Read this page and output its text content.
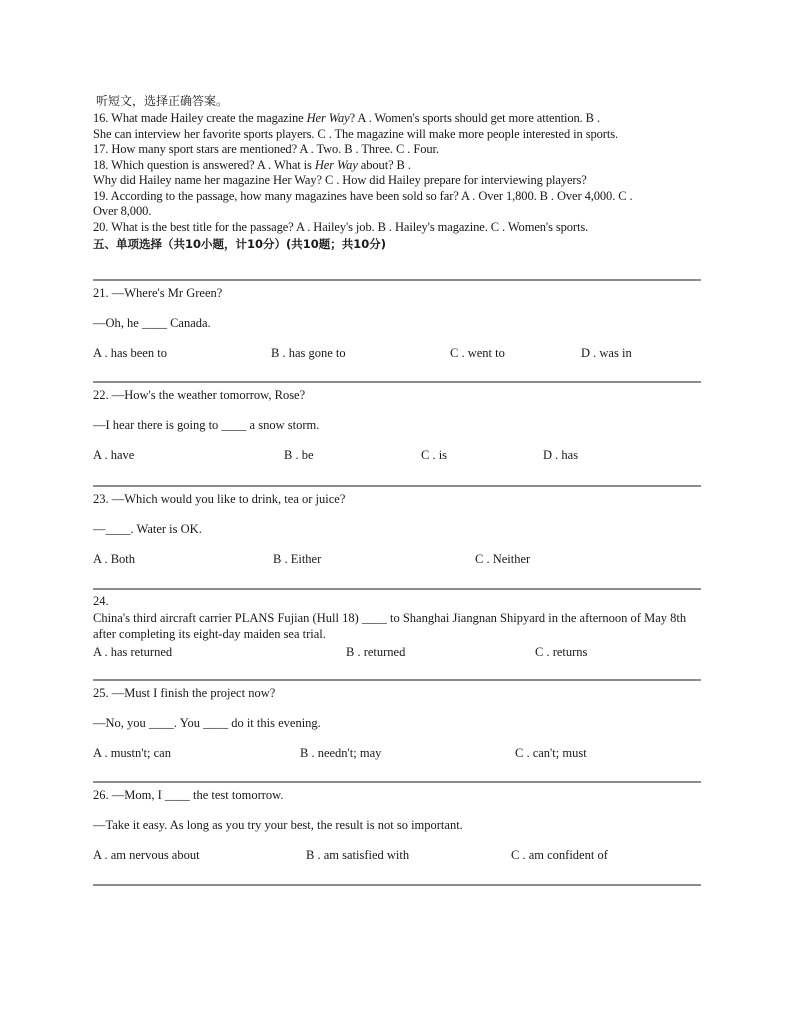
听短文，选择正确答案。
16. What made Hailey create the magazine Her Way? A . Women's sports should get more attention. B .
She can interview her favorite sports players. C . The magazine will make more people interested in sports.
17. How many sport stars are mentioned? A . Two. B . Three. C . Four.
18. Which question is answered? A . What is Her Way about? B .
Why did Hailey name her magazine Her Way? C . How did Hailey prepare for interviewing players?
19. According to the passage, how many magazines have been sold so far? A . Over 1,800. B . Over 4,000. C .
Over 8,000.
20. What is the best title for the passage? A . Hailey's job. B . Hailey's magazine. C . Women's sports.
五、单项选择（共10小题，计10分）(共10题；共10分)
21. —Where's Mr Green?
—Oh, he ____ Canada.
A . has been to	B . has gone to	C . went to	D . was in
22. —How's the weather tomorrow, Rose?
—I hear there is going to ____ a snow storm.
A . have	B . be	C . is	D . has
23. —Which would you like to drink, tea or juice?
—____. Water is OK.
A . Both	B . Either	C . Neither
24.
China's third aircraft carrier PLANS Fujian (Hull 18) ____ to Shanghai Jiangnan Shipyard in the afternoon of May 8th after completing its eight-day maiden sea trial.
A . has returned	B . returned	C . returns
25. —Must I finish the project now?
—No, you ____. You ____ do it this evening.
A . mustn't; can	B . needn't; may	C . can't; must
26. —Mom, I ____ the test tomorrow.
—Take it easy. As long as you try your best, the result is not so important.
A . am nervous about	B . am satisfied with	C . am confident of
